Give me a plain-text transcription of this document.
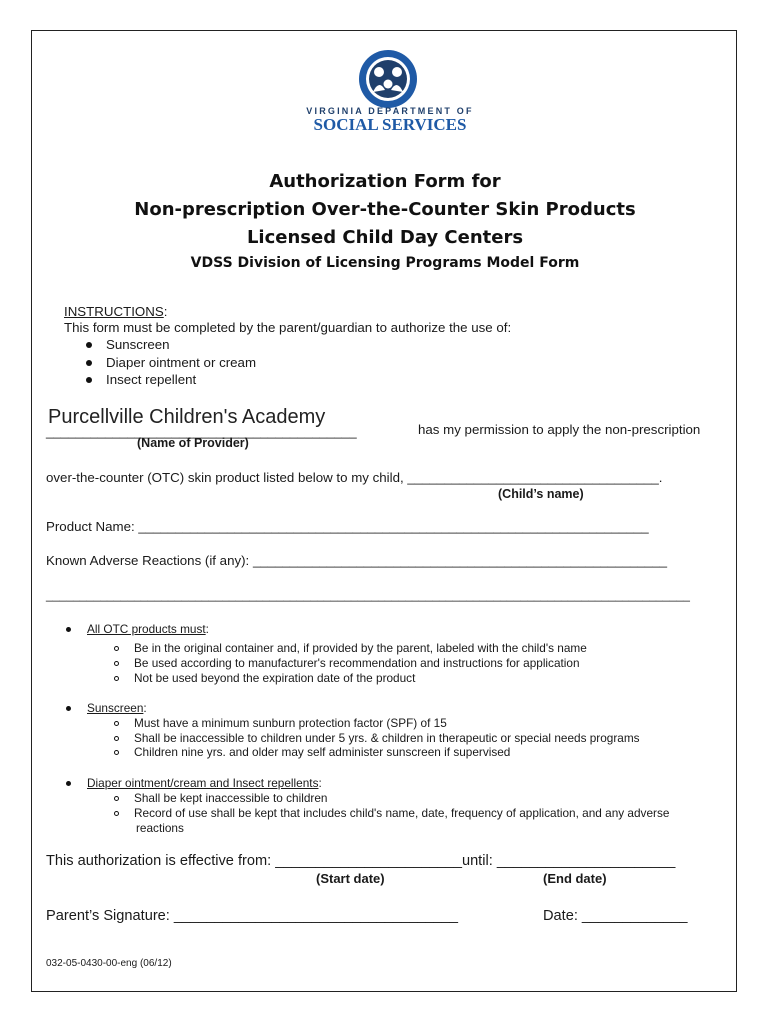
VIRGINIA DEPARTMENT OF
SOCIAL SERVICES
Authorization Form for
Non-prescription Over-the-Counter Skin Products
Licensed Child Day Centers
VDSS Division of Licensing Programs Model Form
INSTRUCTIONS:
This form must be completed by the parent/guardian to authorize the use of:
Sunscreen
Diaper ointment or cream
Insect repellent
Purcellville Children's Academy
__________________________________________	has my permission to apply the non-prescription
(Name of Provider)
over-the-counter (OTC) skin product listed below to my child, __________________________________.
(Child’s name)
Product Name: _____________________________________________________________________
Known Adverse Reactions (if any): ________________________________________________________
_______________________________________________________________________________________________
All OTC products must:
Be in the original container and, if provided by the parent, labeled with the child's name
Be used according to manufacturer's recommendation and instructions for application
Not be used beyond the expiration date of the product
Sunscreen:
Must have a minimum sunburn protection factor (SPF) of 15
Shall be inaccessible to children under 5 yrs. & children in therapeutic or special needs programs
Children nine yrs. and older may self administer sunscreen if supervised
Diaper ointment/cream and Insect repellents:
Shall be kept inaccessible to children
Record of use shall be kept that includes child's name, date, frequency of application, and any adverse
reactions
This authorization is effective from: _______________________until: ______________________
(Start date)	(End date)
Parent’s Signature: ___________________________________	Date: _____________
032-05-0430-00-eng (06/12)
